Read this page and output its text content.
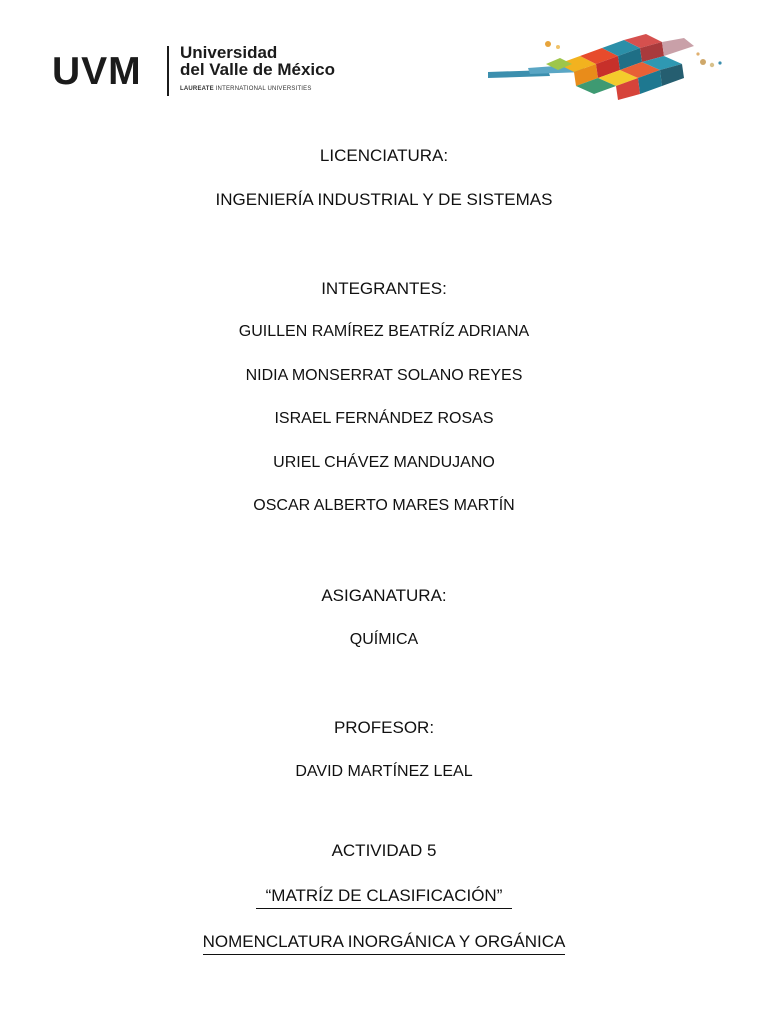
UVM Universidad
del Valle de México
LAUREATE INTERNATIONAL UNIVERSITIES
LICENCIATURA:
INGENIERÍA INDUSTRIAL Y DE SISTEMAS
INTEGRANTES:
GUILLEN RAMÍREZ BEATRÍZ ADRIANA
NIDIA MONSERRAT SOLANO REYES
ISRAEL FERNÁNDEZ ROSAS
URIEL CHÁVEZ MANDUJANO
OSCAR ALBERTO MARES MARTÍN
ASIGANATURA:
QUÍMICA
PROFESOR:
DAVID MARTÍNEZ LEAL
ACTIVIDAD 5
“MATRÍZ DE CLASIFICACIÓN”
NOMENCLATURA INORGÁNICA Y ORGÁNICA
